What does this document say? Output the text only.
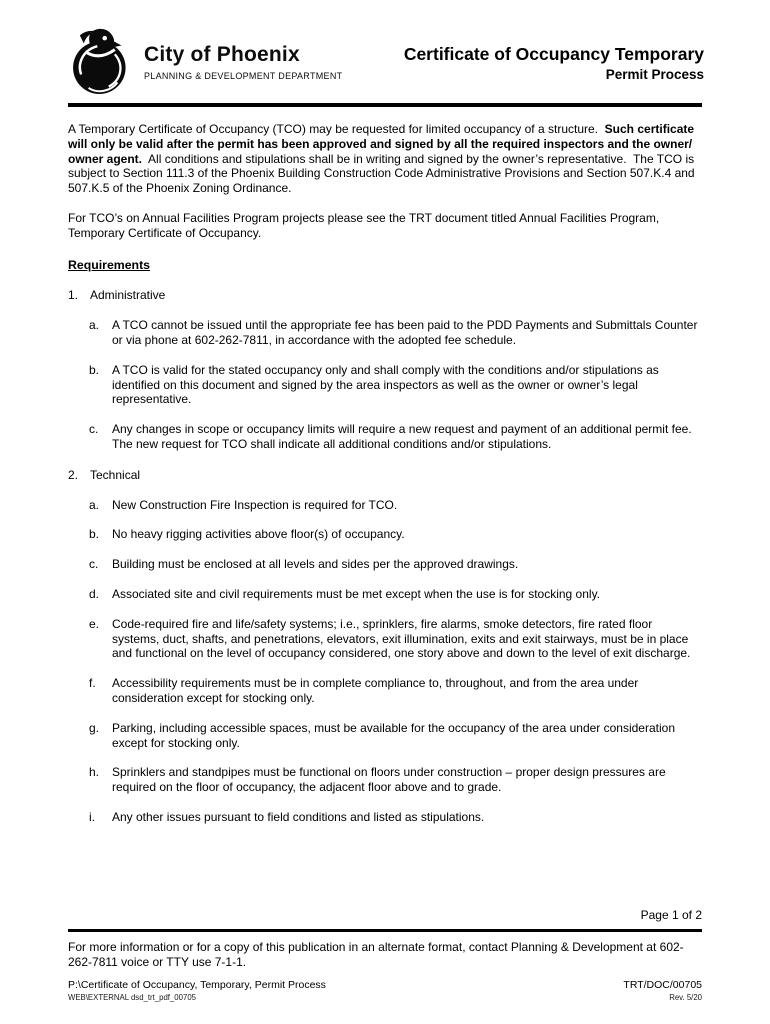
City of Phoenix
PLANNING & DEVELOPMENT DEPARTMENT
Certificate of Occupancy Temporary
Permit Process

A Temporary Certificate of Occupancy (TCO) may be requested for limited occupancy of a structure.  Such certificate will only be valid after the permit has been approved and signed by all the required inspectors and the owner/ owner agent.  All conditions and stipulations shall be in writing and signed by the owner’s representative.  The TCO is subject to Section 111.3 of the Phoenix Building Construction Code Administrative Provisions and Section 507.K.4 and 507.K.5 of the Phoenix Zoning Ordinance.

For TCO’s on Annual Facilities Program projects please see the TRT document titled Annual Facilities Program, Temporary Certificate of Occupancy.

Requirements
1. Administrative
a.	A TCO cannot be issued until the appropriate fee has been paid to the PDD Payments and Submittals Counter or via phone at 602-262-7811, in accordance with the adopted fee schedule.
b.	A TCO is valid for the stated occupancy only and shall comply with the conditions and/or stipulations as identified on this document and signed by the area inspectors as well as the owner or owner’s legal representative.
c.	Any changes in scope or occupancy limits will require a new request and payment of an additional permit fee.  The new request for TCO shall indicate all additional conditions and/or stipulations.
2. Technical
a.	New Construction Fire Inspection is required for TCO.
b.	No heavy rigging activities above floor(s) of occupancy.
c.	Building must be enclosed at all levels and sides per the approved drawings.
d.	Associated site and civil requirements must be met except when the use is for stocking only.
e.	Code-required fire and life/safety systems; i.e., sprinklers, fire alarms, smoke detectors, fire rated floor systems, duct, shafts, and penetrations, elevators, exit illumination, exits and exit stairways, must be in place and functional on the level of occupancy considered, one story above and down to the level of exit discharge.
f.	Accessibility requirements must be in complete compliance to, throughout, and from the area under consideration except for stocking only.
g.	Parking, including accessible spaces, must be available for the occupancy of the area under consideration except for stocking only.
h.	Sprinklers and standpipes must be functional on floors under construction – proper design pressures are required on the floor of occupancy, the adjacent floor above and to grade.
i.	Any other issues pursuant to field conditions and listed as stipulations.
Page 1 of 2
For more information or for a copy of this publication in an alternate format, contact Planning & Development at 602-262-7811 voice or TTY use 7-1-1.
P:\Certificate of Occupancy, Temporary, Permit Process	TRT/DOC/00705
WEB\EXTERNAL dsd_trt_pdf_00705	Rev. 5/20
